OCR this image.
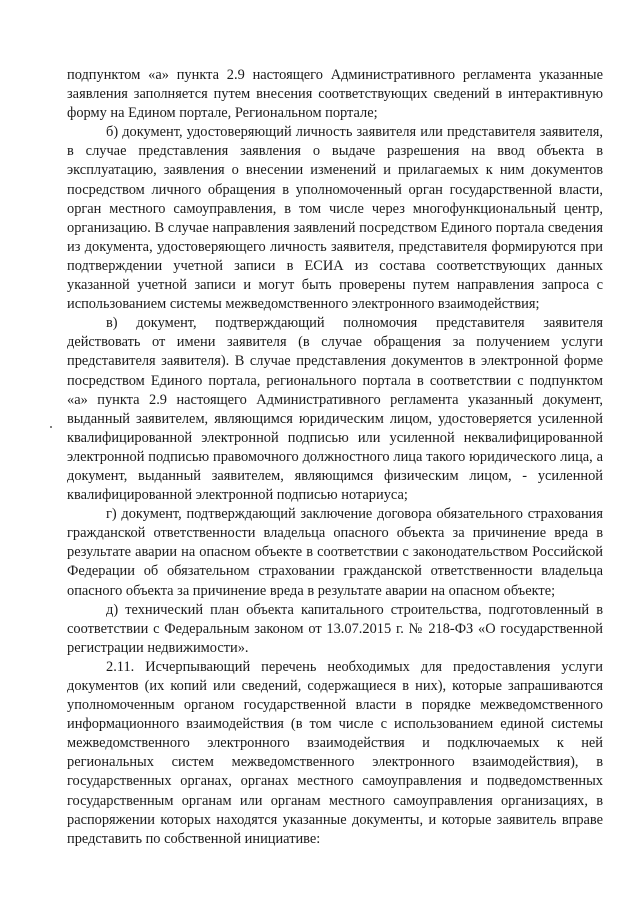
подпунктом «а» пункта 2.9 настоящего Административного регламента указанные заявления заполняется путем внесения соответствующих сведений в интерактивную форму на Едином портале, Региональном портале;

б) документ, удостоверяющий личность заявителя или представителя заявителя, в случае представления заявления о выдаче разрешения на ввод объекта в эксплуатацию, заявления о внесении изменений и прилагаемых к ним документов посредством личного обращения в уполномоченный орган государственной власти, орган местного самоуправления, в том числе через многофункциональный центр, организацию. В случае направления заявлений посредством Единого портала сведения из документа, удостоверяющего личность заявителя, представителя формируются при подтверждении учетной записи в ЕСИА из состава соответствующих данных указанной учетной записи и могут быть проверены путем направления запроса с использованием системы межведомственного электронного взаимодействия;

в) документ, подтверждающий полномочия представителя заявителя действовать от имени заявителя (в случае обращения за получением услуги представителя заявителя). В случае представления документов в электронной форме посредством Единого портала, регионального портала в соответствии с подпунктом «а» пункта 2.9 настоящего Административного регламента указанный документ, выданный заявителем, являющимся юридическим лицом, удостоверяется усиленной квалифицированной электронной подписью или усиленной неквалифицированной электронной подписью правомочного должностного лица такого юридического лица, а документ, выданный заявителем, являющимся физическим лицом, - усиленной квалифицированной электронной подписью нотариуса;

г) документ, подтверждающий заключение договора обязательного страхования гражданской ответственности владельца опасного объекта за причинение вреда в результате аварии на опасном объекте в соответствии с законодательством Российской Федерации об обязательном страховании гражданской ответственности владельца опасного объекта за причинение вреда в результате аварии на опасном объекте;

д) технический план объекта капитального строительства, подготовленный в соответствии с Федеральным законом от 13.07.2015 г. № 218-ФЗ «О государственной регистрации недвижимости».

2.11. Исчерпывающий перечень необходимых для предоставления услуги документов (их копий или сведений, содержащиеся в них), которые запрашиваются уполномоченным органом государственной власти в порядке межведомственного информационного взаимодействия (в том числе с использованием единой системы межведомственного электронного взаимодействия и подключаемых к ней региональных систем межведомственного электронного взаимодействия), в государственных органах, органах местного самоуправления и подведомственных государственным органам или органам местного самоуправления организациях, в распоряжении которых находятся указанные документы, и которые заявитель вправе представить по собственной инициативе:
